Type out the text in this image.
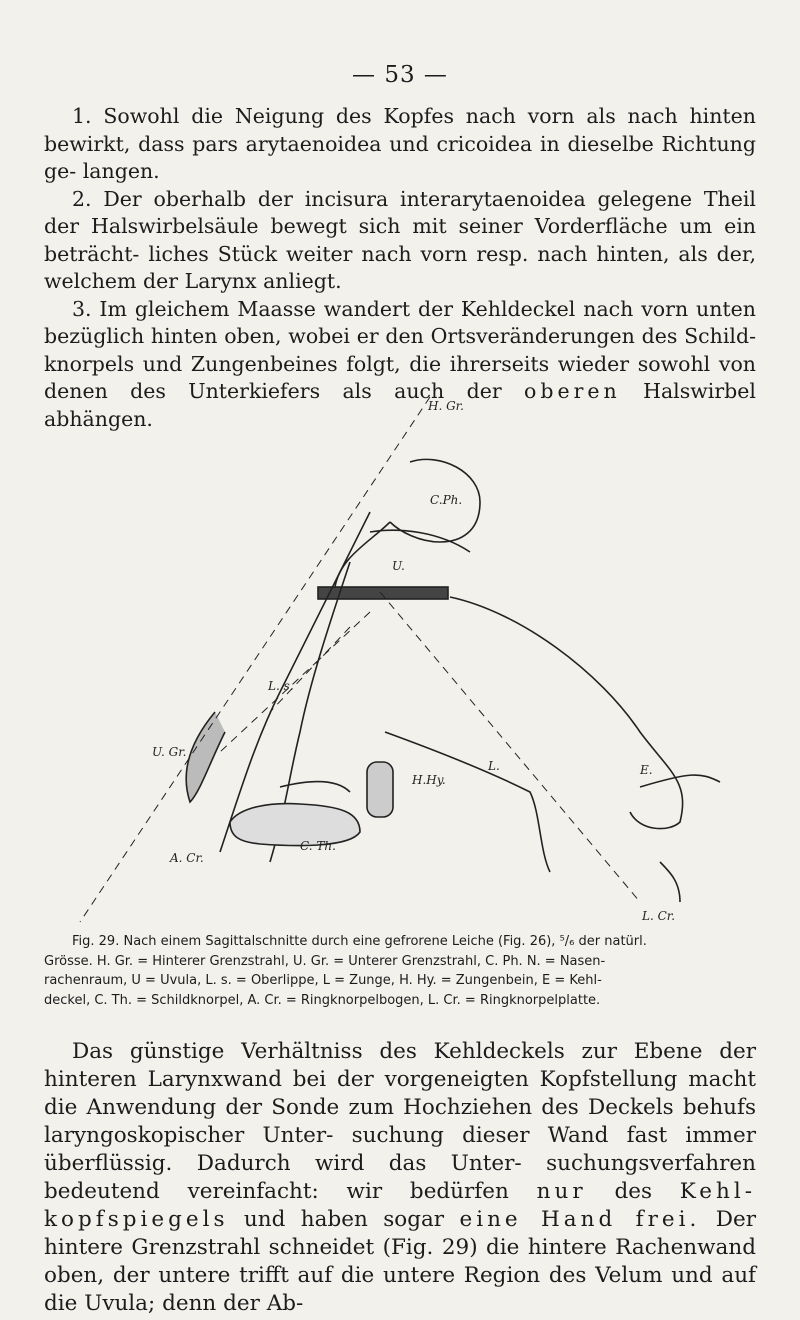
— 53 —

1. Sowohl die Neigung des Kopfes nach vorn als nach hinten bewirkt, dass pars arytaenoidea und cricoidea in dieselbe Richtung ge- langen.

2. Der oberhalb der incisura interarytaenoidea gelegene Theil der Halswirbelsäule bewegt sich mit seiner Vorderfläche um ein beträcht- liches Stück weiter nach vorn resp. nach hinten, als der, welchem der Larynx anliegt.

3. Im gleichem Maasse wandert der Kehldeckel nach vorn unten bezüglich hinten oben, wobei er den Ortsveränderungen des Schild- knorpels und Zungenbeines folgt, die ihrerseits wieder sowohl von denen des Unterkiefers als auch der oberen Halswirbel abhängen.

H. Gr.
C.Ph.
U.
L. s.
U. Gr.
A. Cr.
C. Th.
H.Hy.
L.	E.
L. Cr.
Fig. 29. Nach einem Sagittalschnitte durch eine gefrorene Leiche (Fig. 26), ⁵/₆ der natürl.
Grösse. H. Gr. = Hinterer Grenzstrahl, U. Gr. = Unterer Grenzstrahl, C. Ph. N. = Nasen-
rachenraum, U = Uvula, L. s. = Oberlippe, L = Zunge, H. Hy. = Zungenbein, E = Kehl-
deckel, C. Th. = Schildknorpel, A. Cr. = Ringknorpelbogen, L. Cr. = Ringknorpelplatte.

Das günstige Verhältniss des Kehldeckels zur Ebene der hinteren Larynxwand bei der vorgeneigten Kopfstellung macht die Anwendung der Sonde zum Hochziehen des Deckels behufs laryngoskopischer Unter- suchung dieser Wand fast immer überflüssig. Dadurch wird das Unter- suchungsverfahren bedeutend vereinfacht: wir bedürfen nur des Kehl- kopfspiegels und haben sogar eine Hand frei. Der hintere Grenzstrahl schneidet (Fig. 29) die hintere Rachenwand oben, der untere trifft auf die untere Region des Velum und auf die Uvula; denn der Ab-
